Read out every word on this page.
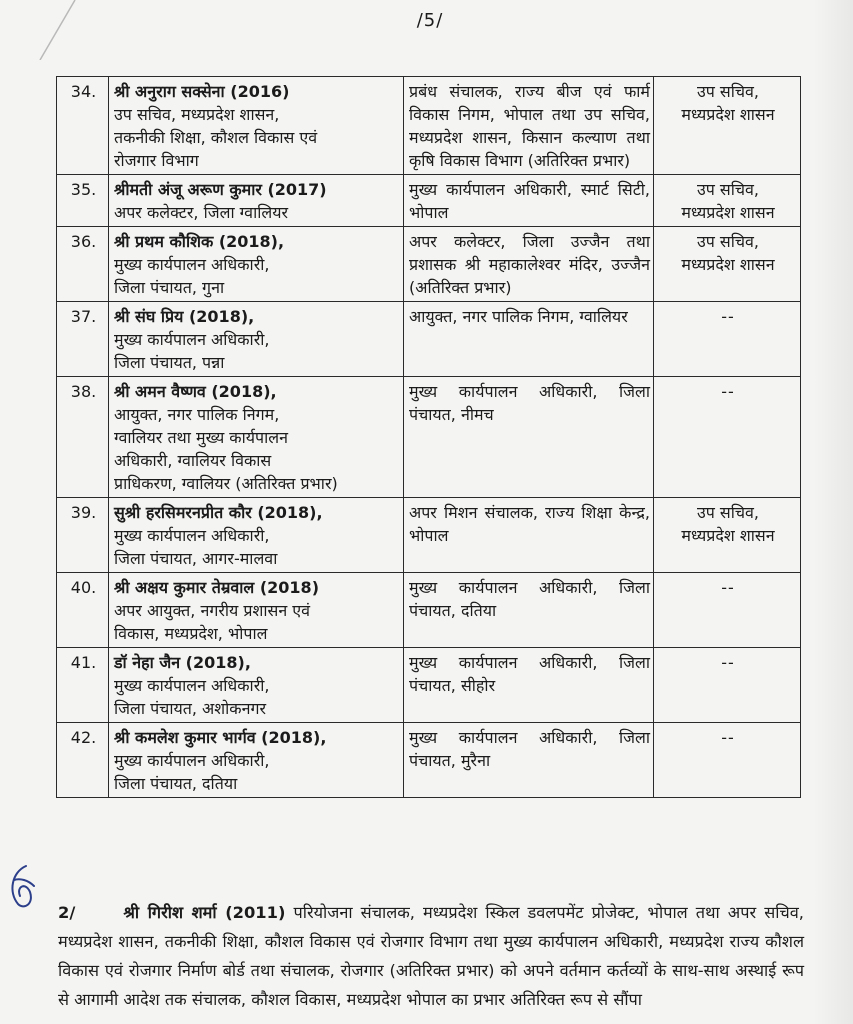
/5/
34.	श्री अनुराग सक्सेना (2016)
उप सचिव, मध्यप्रदेश शासन,
तकनीकी शिक्षा, कौशल विकास एवं
रोजगार विभाग	प्रबंध संचालक, राज्य बीज एवं फार्म विकास निगम, भोपाल तथा उप सचिव, मध्यप्रदेश शासन, किसान कल्याण तथा कृषि विकास विभाग (अतिरिक्त प्रभार)	उप सचिव,
मध्यप्रदेश शासन

35.	श्रीमती अंजू अरूण कुमार (2017)
अपर कलेक्टर, जिला ग्वालियर	मुख्य कार्यपालन अधिकारी, स्मार्ट सिटी, भोपाल	उप सचिव,
मध्यप्रदेश शासन

36.	श्री प्रथम कौशिक (2018),
मुख्य कार्यपालन अधिकारी,
जिला पंचायत, गुना	अपर कलेक्टर, जिला उज्जैन तथा प्रशासक श्री महाकालेश्वर मंदिर, उज्जैन (अतिरिक्त प्रभार)	उप सचिव,
मध्यप्रदेश शासन

37.	श्री संघ प्रिय (2018),
मुख्य कार्यपालन अधिकारी,
जिला पंचायत, पन्ना	आयुक्त, नगर पालिक निगम, ग्वालियर	--

38.	श्री अमन वैष्णव (2018),
आयुक्त, नगर पालिक निगम,
ग्वालियर तथा मुख्य कार्यपालन
अधिकारी, ग्वालियर विकास
प्राधिकरण, ग्वालियर (अतिरिक्त प्रभार)	मुख्य कार्यपालन अधिकारी, जिला पंचायत, नीमच	--

39.	सुश्री हरसिमरनप्रीत कौर (2018),
मुख्य कार्यपालन अधिकारी,
जिला पंचायत, आगर-मालवा	अपर मिशन संचालक, राज्य शिक्षा केन्द्र, भोपाल	उप सचिव,
मध्यप्रदेश शासन

40.	श्री अक्षय कुमार तेम्रवाल (2018)
अपर आयुक्त, नगरीय प्रशासन एवं
विकास, मध्यप्रदेश, भोपाल	मुख्य कार्यपालन अधिकारी, जिला पंचायत, दतिया	--

41.	डॉ नेहा जैन (2018),
मुख्य कार्यपालन अधिकारी,
जिला पंचायत, अशोकनगर	मुख्य कार्यपालन अधिकारी, जिला पंचायत, सीहोर	--

42.	श्री कमलेश कुमार भार्गव (2018),
मुख्य कार्यपालन अधिकारी,
जिला पंचायत, दतिया	मुख्य कार्यपालन अधिकारी, जिला पंचायत, मुरैना	--
2/	श्री गिरीश शर्मा (2011) परियोजना संचालक, मध्यप्रदेश स्किल डवलपमेंट प्रोजेक्ट, भोपाल तथा अपर सचिव, मध्यप्रदेश शासन, तकनीकी शिक्षा, कौशल विकास एवं रोजगार विभाग तथा मुख्य कार्यपालन अधिकारी, मध्यप्रदेश राज्य कौशल विकास एवं रोजगार निर्माण बोर्ड तथा संचालक, रोजगार (अतिरिक्त प्रभार) को अपने वर्तमान कर्तव्यों के साथ-साथ अस्थाई रूप से आगामी आदेश तक संचालक, कौशल विकास, मध्यप्रदेश भोपाल का प्रभार अतिरिक्त रूप से सौंपा
